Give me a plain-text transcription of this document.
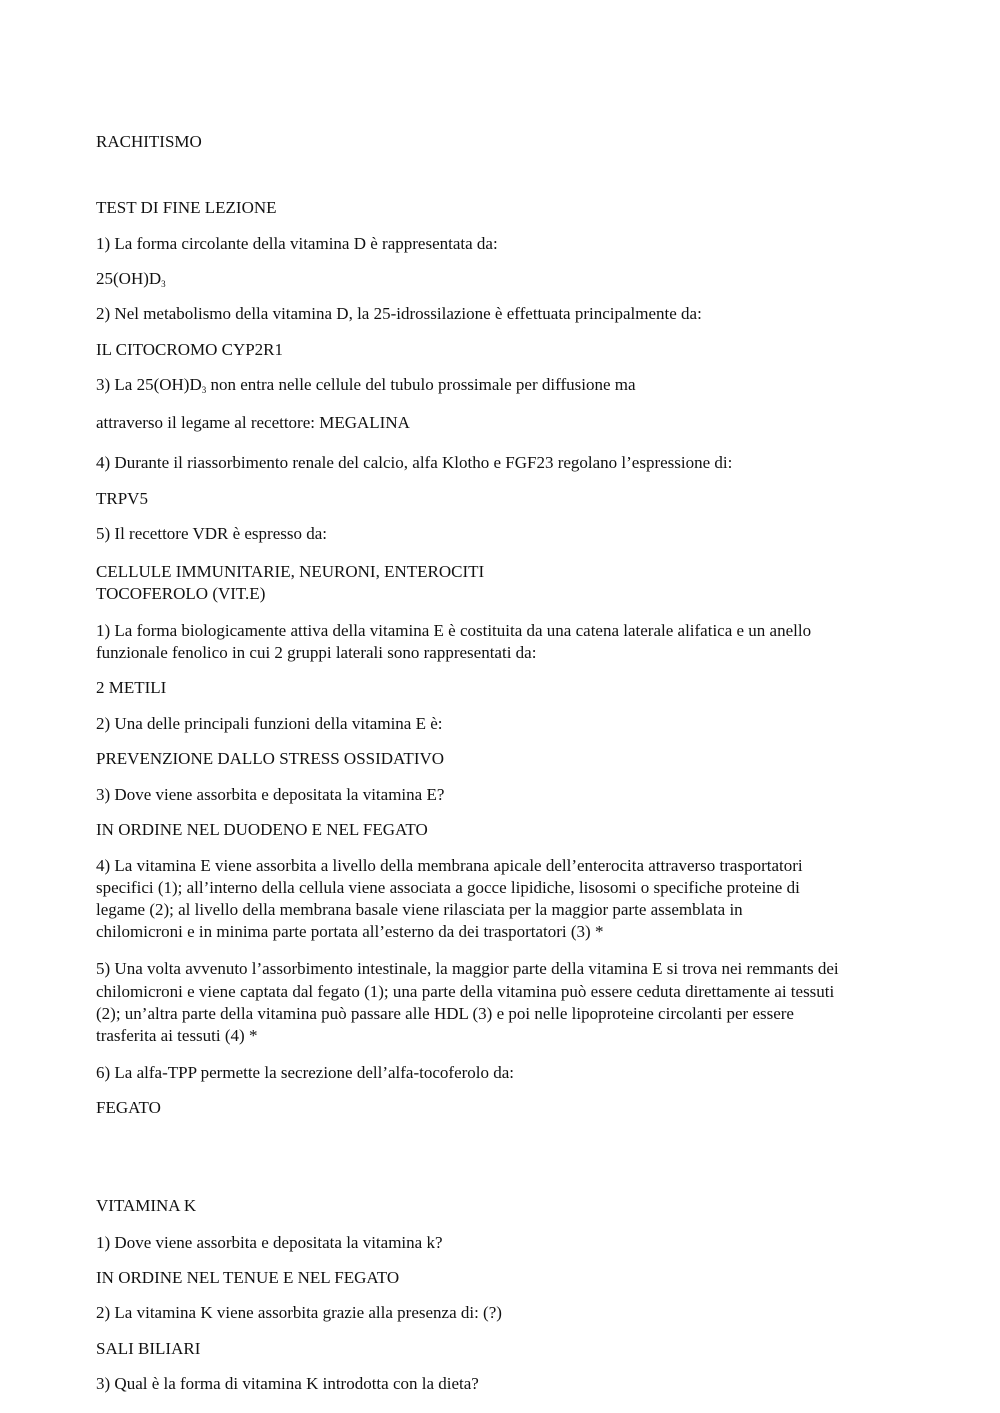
RACHITISMO

TEST DI FINE LEZIONE

1) La forma circolante della vitamina D è rappresentata da:

25(OH)D3

2) Nel metabolismo della vitamina D, la 25-idrossilazione è effettuata principalmente da:

IL CITOCROMO CYP2R1

3) La 25(OH)D3 non entra nelle cellule del tubulo prossimale per diffusione ma

attraverso il legame al recettore: MEGALINA

4) Durante il riassorbimento renale del calcio, alfa Klotho e FGF23 regolano l’espressione di:

TRPV5

5) Il recettore VDR è espresso da:

CELLULE IMMUNITARIE, NEURONI, ENTEROCITI

TOCOFEROLO (VIT.E)

1) La forma biologicamente attiva della vitamina E è costituita da una catena laterale alifatica e un anello

funzionale fenolico in cui 2 gruppi laterali sono rappresentati da:

2 METILI

2) Una delle principali funzioni della vitamina E è:

PREVENZIONE DALLO STRESS OSSIDATIVO

3) Dove viene assorbita e depositata la vitamina E?

IN ORDINE NEL DUODENO E NEL FEGATO

4) La vitamina E viene assorbita a livello della membrana apicale dell’enterocita attraverso trasportatori

specifici (1); all’interno della cellula viene associata a gocce lipidiche, lisosomi o specifiche proteine di

legame (2); al livello della membrana basale viene rilasciata per la maggior parte assemblata in

chilomicroni e in minima parte portata all’esterno da dei trasportatori (3) *

5) Una volta avvenuto l’assorbimento intestinale, la maggior parte della vitamina E si trova nei remmants dei

chilomicroni e viene captata dal fegato (1); una parte della vitamina può essere ceduta direttamente ai tessuti

(2); un’altra parte della vitamina può passare alle HDL (3) e poi nelle lipoproteine circolanti per essere

trasferita ai tessuti (4) *

6) La alfa-TPP permette la secrezione dell’alfa-tocoferolo da:

FEGATO

VITAMINA K

1) Dove viene assorbita e depositata la vitamina k?

IN ORDINE NEL TENUE E NEL FEGATO

2) La vitamina K viene assorbita grazie alla presenza di: (?)

SALI BILIARI

3) Qual è la forma di vitamina K introdotta con la dieta?
